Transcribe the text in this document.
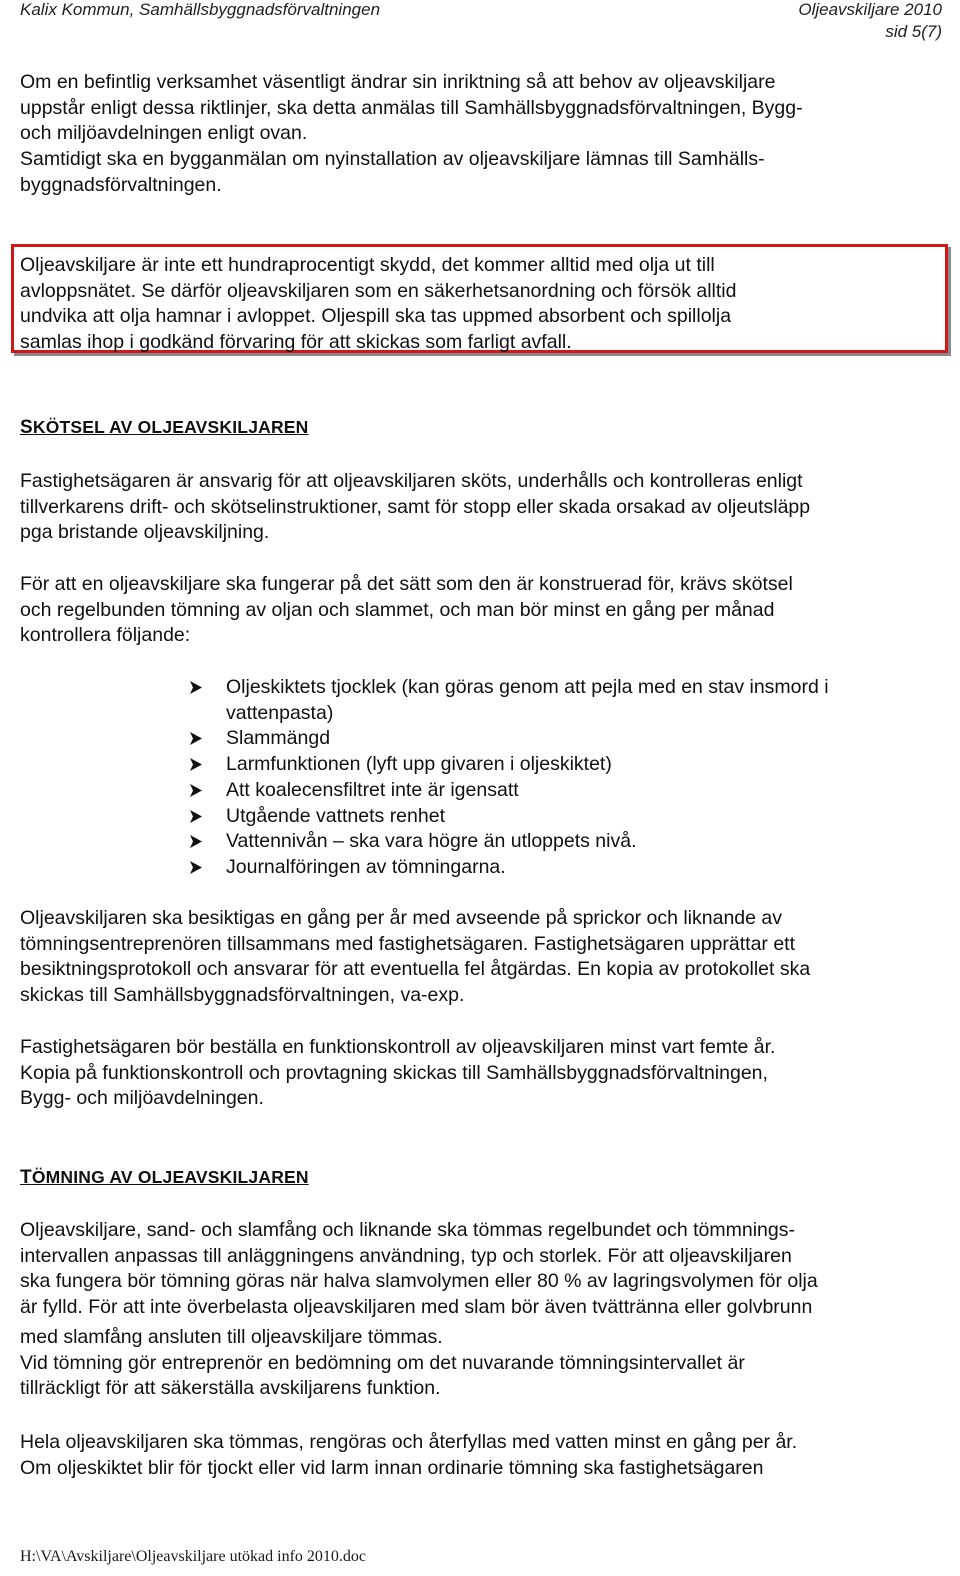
Kalix Kommun, Samhällsbyggnadsförvaltningen	Oljeavskiljare 2010
sid 5(7)

Om en befintlig verksamhet väsentligt ändrar sin inriktning så att behov av oljeavskiljare
uppstår enligt dessa riktlinjer, ska detta anmälas till Samhällsbyggnadsförvaltningen, Bygg-
och miljöavdelningen enligt ovan.
Samtidigt ska en bygganmälan om nyinstallation av oljeavskiljare lämnas till Samhälls-
byggnadsförvaltningen.

Oljeavskiljare är inte ett hundraprocentigt skydd, det kommer alltid med olja ut till
avloppsnätet. Se därför oljeavskiljaren som en säkerhetsanordning och försök alltid
undvika att olja hamnar i avloppet. Oljespill ska tas uppmed absorbent och spillolja
samlas ihop i godkänd förvaring för att skickas som farligt avfall.

SKÖTSEL AV OLJEAVSKILJAREN

Fastighetsägaren är ansvarig för att oljeavskiljaren sköts, underhålls och kontrolleras enligt
tillverkarens drift- och skötselinstruktioner, samt för stopp eller skada orsakad av oljeutsläpp
pga bristande oljeavskiljning.

För att en oljeavskiljare ska fungerar på det sätt som den är konstruerad för, krävs skötsel
och regelbunden tömning av oljan och slammet, och man bör minst en gång per månad
kontrollera följande:

Oljeskiktets tjocklek (kan göras genom att pejla med en stav insmord i
vattenpasta)
Slammängd
Larmfunktionen (lyft upp givaren i oljeskiktet)
Att koalecensfiltret inte är igensatt
Utgående vattnets renhet
Vattennivån – ska vara högre än utloppets nivå.
Journalföringen av tömningarna.

Oljeavskiljaren ska besiktigas en gång per år med avseende på sprickor och liknande av
tömningsentreprenören tillsammans med fastighetsägaren. Fastighetsägaren upprättar ett
besiktningsprotokoll och ansvarar för att eventuella fel åtgärdas. En kopia av protokollet ska
skickas till Samhällsbyggnadsförvaltningen, va-exp.

Fastighetsägaren bör beställa en funktionskontroll av oljeavskiljaren minst vart femte år.
Kopia på funktionskontroll och provtagning skickas till Samhällsbyggnadsförvaltningen,
Bygg- och miljöavdelningen.

TÖMNING AV OLJEAVSKILJAREN

Oljeavskiljare, sand- och slamfång och liknande ska tömmas regelbundet och tömmnings-
intervallen anpassas till anläggningens användning, typ och storlek. För att oljeavskiljaren
ska fungera bör tömning göras när halva slamvolymen eller 80 % av lagringsvolymen för olja
är fylld. För att inte överbelasta oljeavskiljaren med slam bör även tvättränna eller golvbrunn
med slamfång ansluten till oljeavskiljare tömmas.
Vid tömning gör entreprenör en bedömning om det nuvarande tömningsintervallet är
tillräckligt för att säkerställa avskiljarens funktion.

Hela oljeavskiljaren ska tömmas, rengöras och återfyllas med vatten minst en gång per år.
Om oljeskiktet blir för tjockt eller vid larm innan ordinarie tömning ska fastighetsägaren

H:\VA\Avskiljare\Oljeavskiljare utökad info 2010.doc
